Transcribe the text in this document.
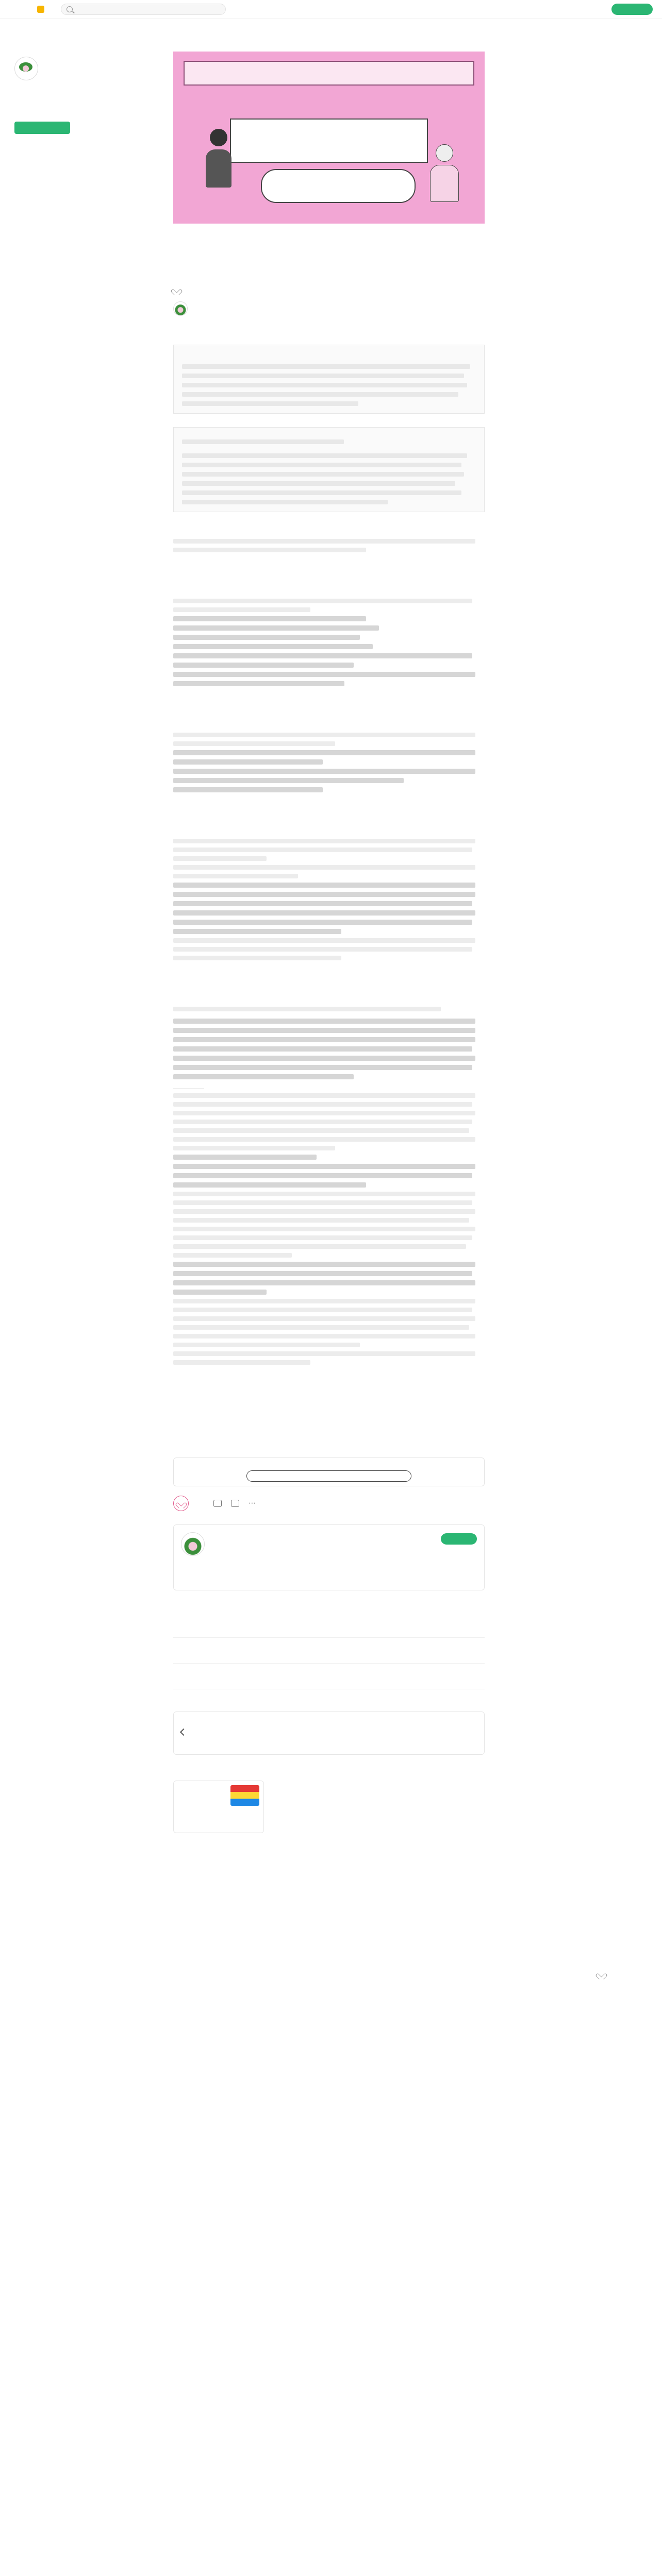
⋯
